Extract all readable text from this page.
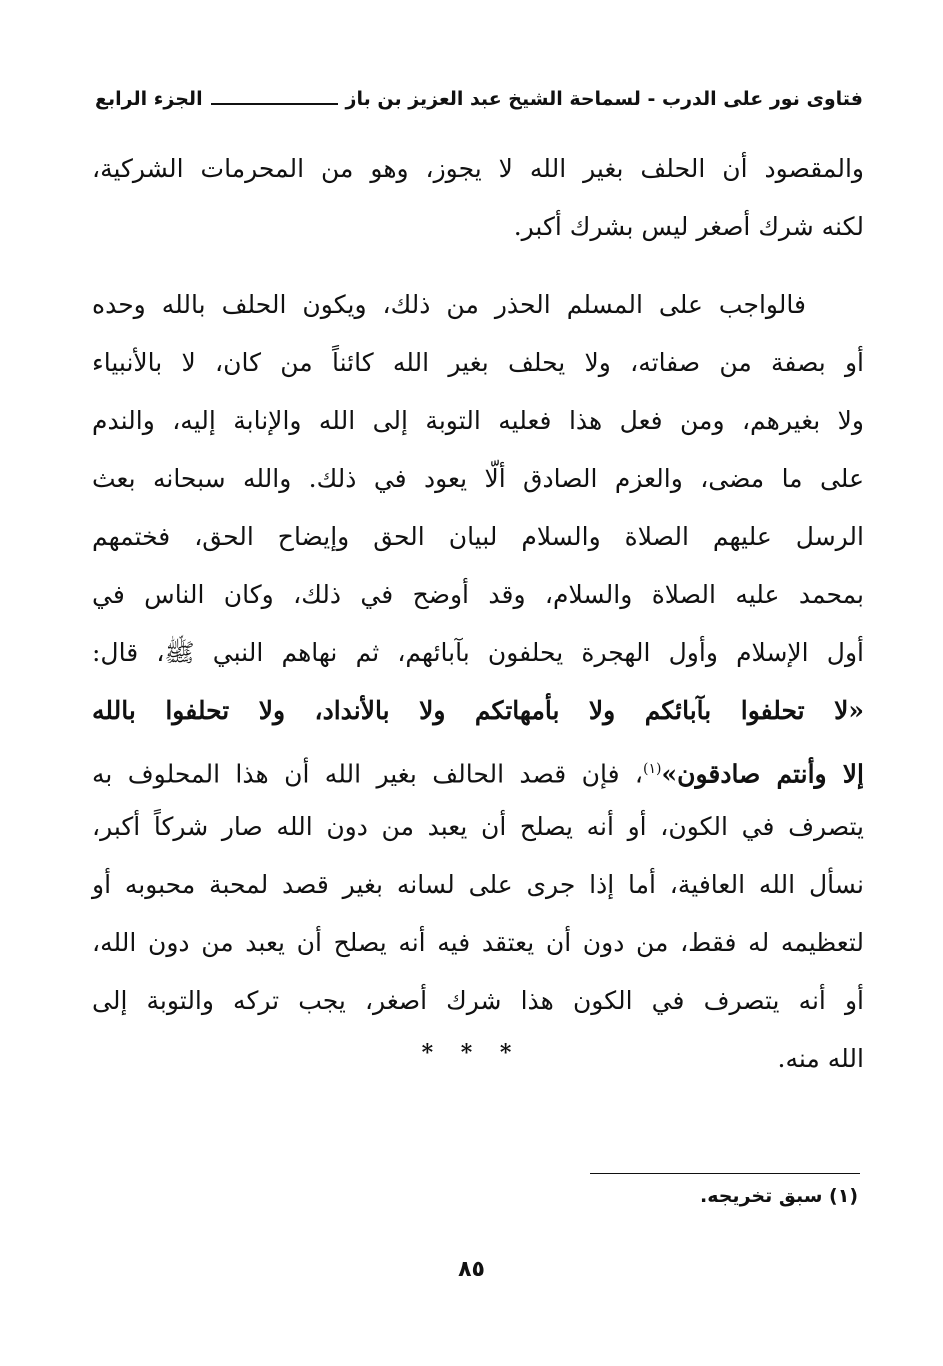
فتاوى نور على الدرب - لسماحة الشيخ عبد العزيز بن باز
الجزء الرابع
والمقصود أن الحلف بغير الله لا يجوز، وهو من المحرمات الشركية،
لكنه شرك أصغر ليس بشرك أكبر.
فالواجب على المسلم الحذر من ذلك، ويكون الحلف بالله وحده
أو بصفة من صفاته، ولا يحلف بغير الله كائناً من كان، لا بالأنبياء
ولا بغيرهم، ومن فعل هذا فعليه التوبة إلى الله والإنابة إليه، والندم
على ما مضى، والعزم الصادق ألّا يعود في ذلك. والله سبحانه بعث
الرسل عليهم الصلاة والسلام لبيان الحق وإيضاح الحق، فختمهم
بمحمد عليه الصلاة والسلام، وقد أوضح في ذلك، وكان الناس في
أول الإسلام وأول الهجرة يحلفون بآبائهم، ثم نهاهم النبي ﷺ، قال:
«لا تحلفوا بآبائكم ولا بأمهاتكم ولا بالأنداد، ولا تحلفوا بالله
إلا وأنتم صادقون»$^{(١)}$، فإن قصد الحالف بغير الله أن هذا المحلوف به
يتصرف في الكون، أو أنه يصلح أن يعبد من دون الله صار شركاً أكبر،
نسأل الله العافية، أما إذا جرى على لسانه بغير قصد لمحبة محبوبه أو
لتعظيمه له فقط، من دون أن يعتقد فيه أنه يصلح أن يعبد من دون الله،
أو أنه يتصرف في الكون هذا شرك أصغر، يجب تركه والتوبة إلى
الله منه.
* * *
(١) سبق تخريجه.
٨٥
